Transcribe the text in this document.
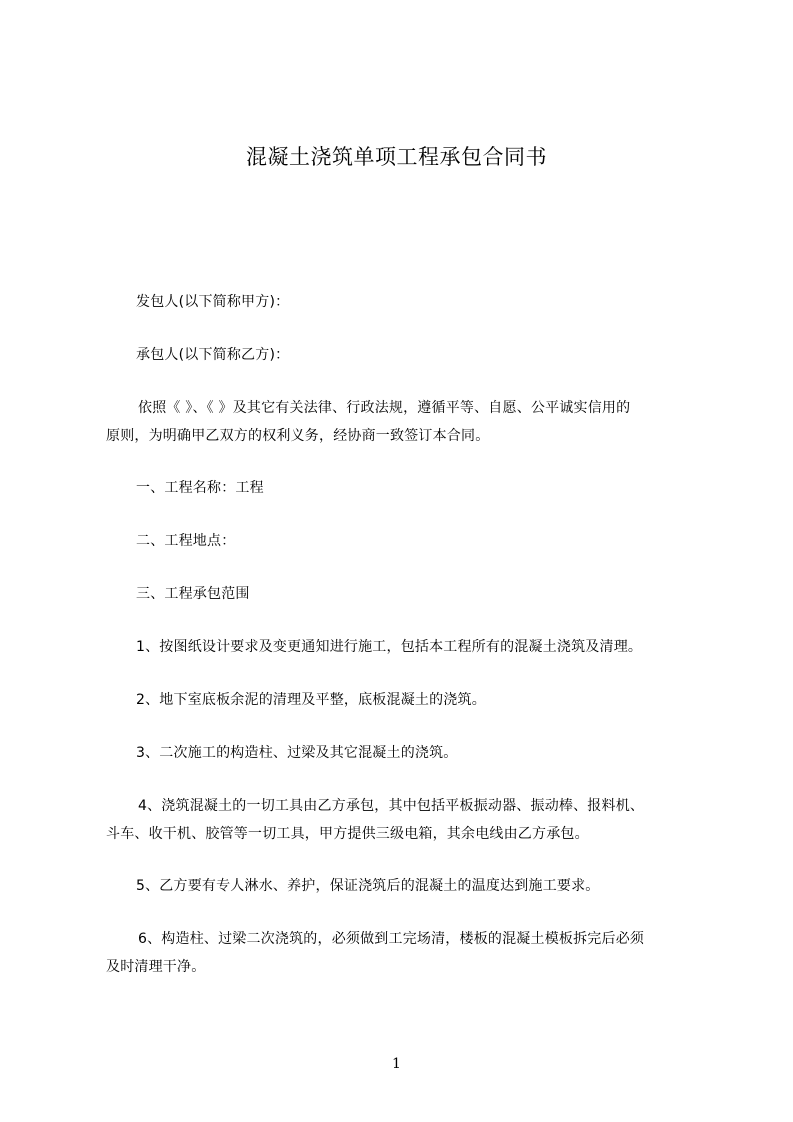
混凝土浇筑单项工程承包合同书
发包人(以下简称甲方)：
承包人(以下简称乙方)：
依照《 》、《 》及其它有关法律、行政法规，遵循平等、自愿、公平诚实信用的
原则，为明确甲乙双方的权利义务，经协商一致签订本合同。
一、工程名称：工程
二、工程地点：
三、工程承包范围
1、按图纸设计要求及变更通知进行施工，包括本工程所有的混凝土浇筑及清理。
2、地下室底板余泥的清理及平整，底板混凝土的浇筑。
3、二次施工的构造柱、过梁及其它混凝土的浇筑。
4、浇筑混凝土的一切工具由乙方承包，其中包括平板振动器、振动棒、报料机、
斗车、收干机、胶管等一切工具，甲方提供三级电箱，其余电线由乙方承包。
5、乙方要有专人淋水、养护，保证浇筑后的混凝土的温度达到施工要求。
6、构造柱、过梁二次浇筑的，必须做到工完场清，楼板的混凝土模板拆完后必须
及时清理干净。
1
